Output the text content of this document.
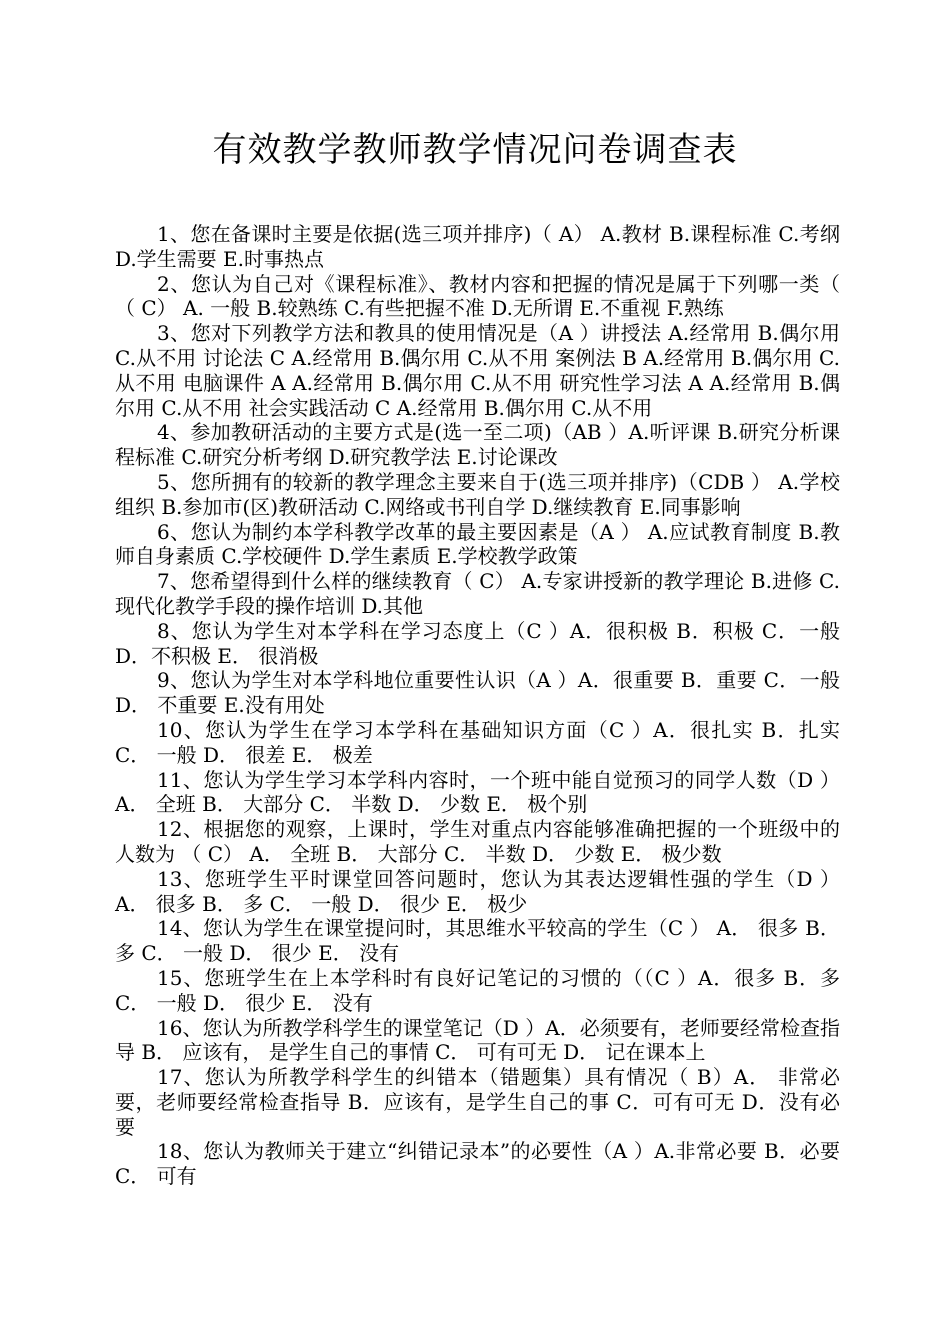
有效教学教师教学情况问卷调查表

1、您在备课时主要是依据(选三项并排序)（ A） A.教材 B.课程标准 C.考纲 D.学生需要 E.时事热点

2、您认为自己对《课程标准》、教材内容和把握的情况是属于下列哪一类（ （ C） A. 一般 B.较熟练 C.有些把握不准 D.无所谓 E.不重视 F.熟练

3、您对下列教学方法和教具的使用情况是（A ）讲授法 A.经常用 B.偶尔用 C.从不用 讨论法 C A.经常用 B.偶尔用 C.从不用 案例法 B A.经常用 B.偶尔用 C.从不用 电脑课件 A A.经常用 B.偶尔用 C.从不用 研究性学习法 A A.经常用 B.偶尔用 C.从不用 社会实践活动 C A.经常用 B.偶尔用 C.从不用

4、参加教研活动的主要方式是(选一至二项)（AB ）A.听评课 B.研究分析课程标准 C.研究分析考纲 D.研究教学法 E.讨论课改

5、您所拥有的较新的教学理念主要来自于(选三项并排序)（CDB ） A.学校组织 B.参加市(区)教研活动 C.网络或书刊自学 D.继续教育 E.同事影响

6、您认为制约本学科教学改革的最主要因素是（A ） A.应试教育制度 B.教师自身素质 C.学校硬件 D.学生素质 E.学校教学政策

7、您希望得到什么样的继续教育（ C） A.专家讲授新的教学理论 B.进修 C.现代化教学手段的操作培训 D.其他

8、您认为学生对本学科在学习态度上（C ）A．很积极 B．积极 C．一般 D．不积极 E． 很消极

9、您认为学生对本学科地位重要性认识（A ）A．很重要 B．重要 C．一般 D． 不重要 E.没有用处

10、您认为学生在学习本学科在基础知识方面（C ）A．很扎实 B．扎实 C． 一般 D． 很差 E． 极差

11、您认为学生学习本学科内容时，一个班中能自觉预习的同学人数（D ） A． 全班 B． 大部分 C． 半数 D． 少数 E． 极个别

12、根据您的观察，上课时，学生对重点内容能够准确把握的一个班级中的人数为 （ C） A． 全班 B． 大部分 C． 半数 D． 少数 E． 极少数

13、您班学生平时课堂回答问题时，您认为其表达逻辑性强的学生（D ） A． 很多 B． 多 C． 一般 D． 很少 E． 极少

14、您认为学生在课堂提问时，其思维水平较高的学生（C ） A． 很多 B． 多 C． 一般 D． 很少 E． 没有

15、您班学生在上本学科时有良好记笔记的习惯的（（C ）A．很多 B．多 C． 一般 D． 很少 E． 没有

16、您认为所教学科学生的课堂笔记（D ）A．必须要有，老师要经常检查指导 B． 应该有， 是学生自己的事情 C． 可有可无 D． 记在课本上

17、您认为所教学科学生的纠错本（错题集）具有情况（ B）A． 非常必要，老师要经常检查指导 B．应该有，是学生自己的事 C．可有可无 D．没有必要

18、您认为教师关于建立“纠错记录本”的必要性（A ）A.非常必要 B．必要 C． 可有
